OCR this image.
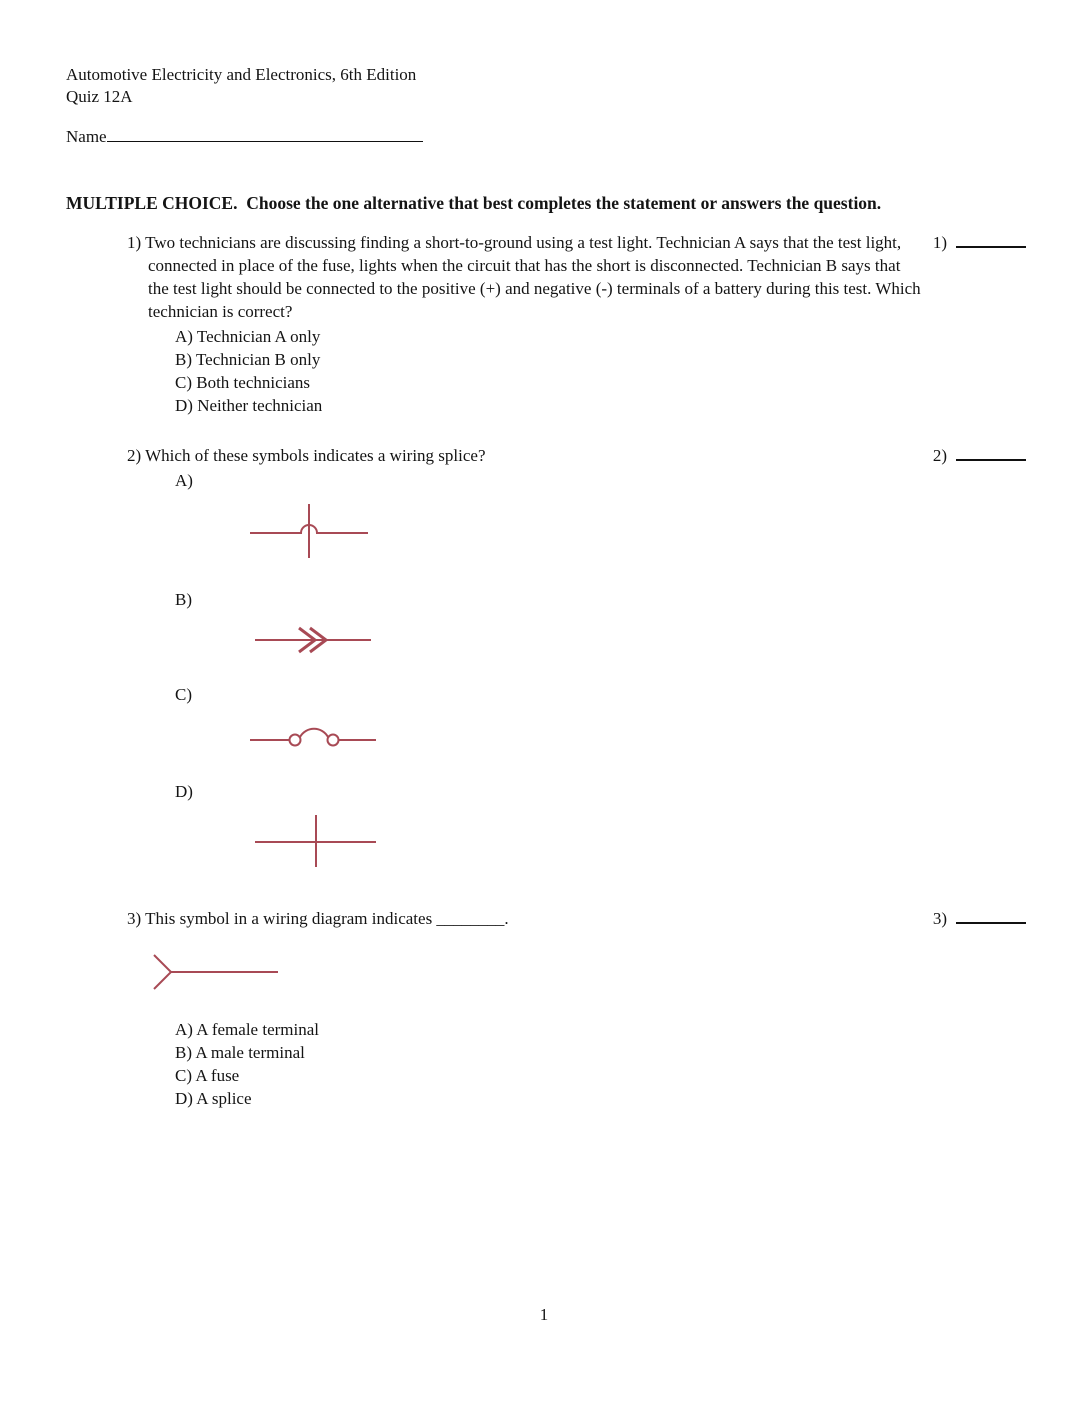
Automotive Electricity and Electronics, 6th Edition
Quiz 12A
Name
MULTIPLE CHOICE.  Choose the one alternative that best completes the statement or answers the question.
1) Two technicians are discussing finding a short-to-ground using a test light. Technician A says that the test light, connected in place of the fuse, lights when the circuit that has the short is disconnected. Technician B says that the test light should be connected to the positive (+) and negative (-) terminals of a battery during this test. Which technician is correct?
A) Technician A only
B) Technician B only
C) Both technicians
D) Neither technician
1)
2) Which of these symbols indicates a wiring splice?
A)
B)
C)
D)
2)
3) This symbol in a wiring diagram indicates ________.
A) A female terminal
B) A male terminal
C) A fuse
D) A splice
3)
1
